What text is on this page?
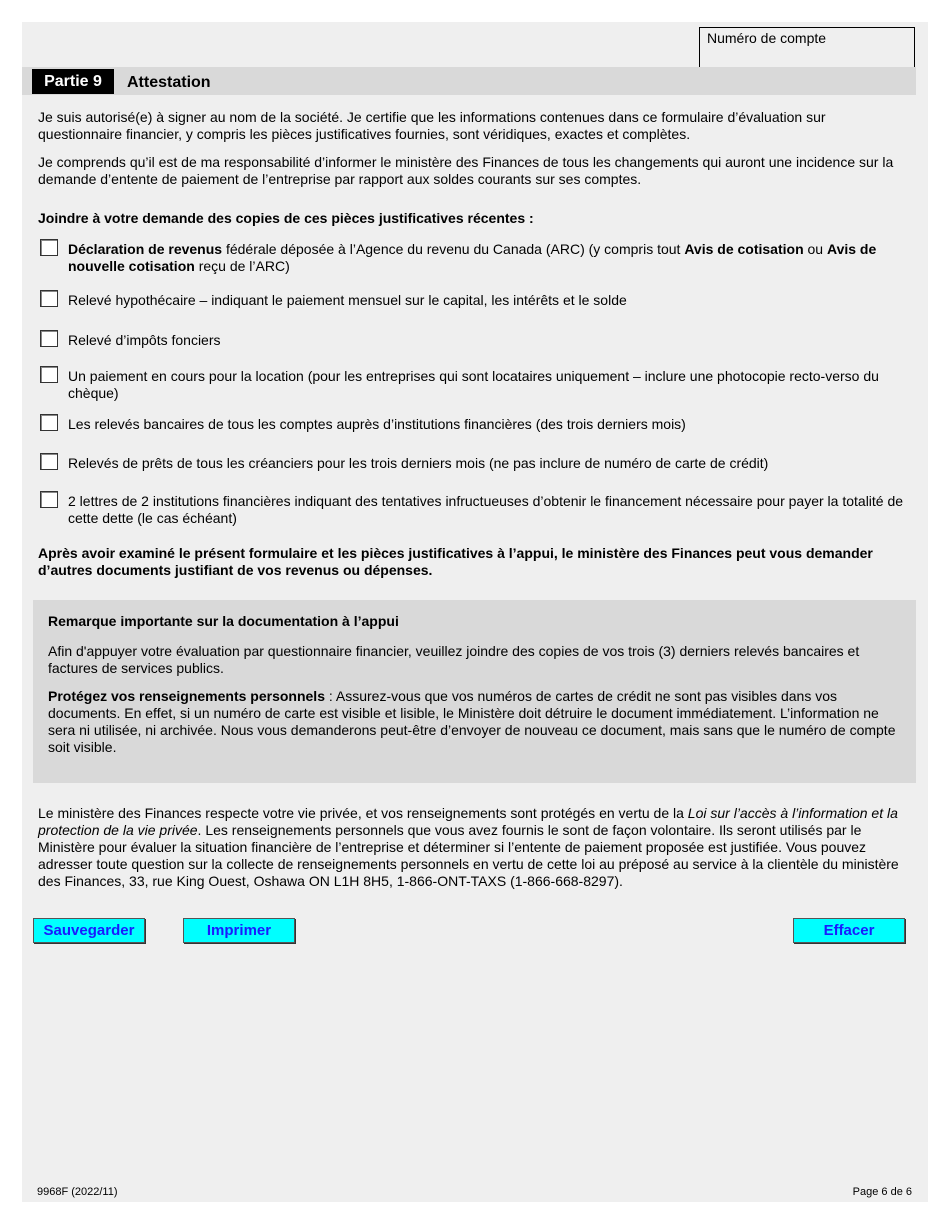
Numéro de compte
Partie 9	Attestation
Je suis autorisé(e) à signer au nom de la société. Je certifie que les informations contenues dans ce formulaire d’évaluation sur questionnaire financier, y compris les pièces justificatives fournies, sont véridiques, exactes et complètes.
Je comprends qu’il est de ma responsabilité d’informer le ministère des Finances de tous les changements qui auront une incidence sur la demande d’entente de paiement de l’entreprise par rapport aux soldes courants sur ses comptes.
Joindre à votre demande des copies de ces pièces justificatives récentes :
Déclaration de revenus fédérale déposée à l’Agence du revenu du Canada (ARC) (y compris tout Avis de cotisation ou Avis de nouvelle cotisation reçu de l’ARC)
Relevé hypothécaire – indiquant le paiement mensuel sur le capital, les intérêts et le solde
Relevé d’impôts fonciers
Un paiement en cours pour la location (pour les entreprises qui sont locataires uniquement – inclure une photocopie recto-verso du chèque)
Les relevés bancaires de tous les comptes auprès d’institutions financières (des trois derniers mois)
Relevés de prêts de tous les créanciers pour les trois derniers mois (ne pas inclure de numéro de carte de crédit)
2 lettres de 2 institutions financières indiquant des tentatives infructueuses d’obtenir le financement nécessaire pour payer la totalité de cette dette (le cas échéant)
Après avoir examiné le présent formulaire et les pièces justificatives à l’appui, le ministère des Finances peut vous demander d’autres documents justifiant de vos revenus ou dépenses.
Remarque importante sur la documentation à l’appui
Afin d'appuyer votre évaluation par questionnaire financier, veuillez joindre des copies de vos trois (3) derniers relevés bancaires et factures de services publics.
Protégez vos renseignements personnels : Assurez-vous que vos numéros de cartes de crédit ne sont pas visibles dans vos documents. En effet, si un numéro de carte est visible et lisible, le Ministère doit détruire le document immédiatement. L’information ne sera ni utilisée, ni archivée. Nous vous demanderons peut-être d’envoyer de nouveau ce document, mais sans que le numéro de compte soit visible.
Le ministère des Finances respecte votre vie privée, et vos renseignements sont protégés en vertu de la Loi sur l’accès à l’information et la protection de la vie privée. Les renseignements personnels que vous avez fournis le sont de façon volontaire. Ils seront utilisés par le Ministère pour évaluer la situation financière de l’entreprise et déterminer si l’entente de paiement proposée est justifiée. Vous pouvez adresser toute question sur la collecte de renseignements personnels en vertu de cette loi au préposé au service à la clientèle du ministère des Finances, 33, rue King Ouest, Oshawa ON L1H 8H5, 1-866-ONT-TAXS (1-866-668-8297).
Sauvegarder	Imprimer	Effacer
9968F (2022/11)	Page 6 de 6
